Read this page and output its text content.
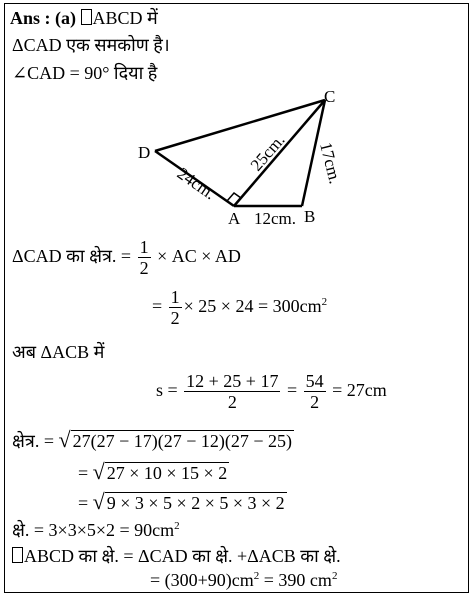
Ans : (a) ABCD में
ΔCAD एक समकोण है।
∠CAD = 90° दिया है
D
C
A	B
24cm.
25cm. 17cm.
12cm.
ΔCAD का क्षेत्र. = $\frac{1}{2}$ × AC × AD
= $\frac{1}{2} \times 25 \times 24 = 300cm^2$
अब ΔACB में
$s = \frac{12 + 25 + 17}{2} = \frac{54}{2} = 27cm$
क्षेत्र. = √ 27(27 − 17)(27 − 12)(27 − 25)
= √ 27 × 10 × 15 × 2
= √ 9 × 3 × 5 × 2 × 5 × 3 × 2
क्षे. = $3\times 3\times 5\times 2 = 90cm^2$
ABCD का क्षे. = ΔCAD का क्षे. +ΔACB का क्षे.
= $(300+90)cm^2 = 390$ $cm^2$
